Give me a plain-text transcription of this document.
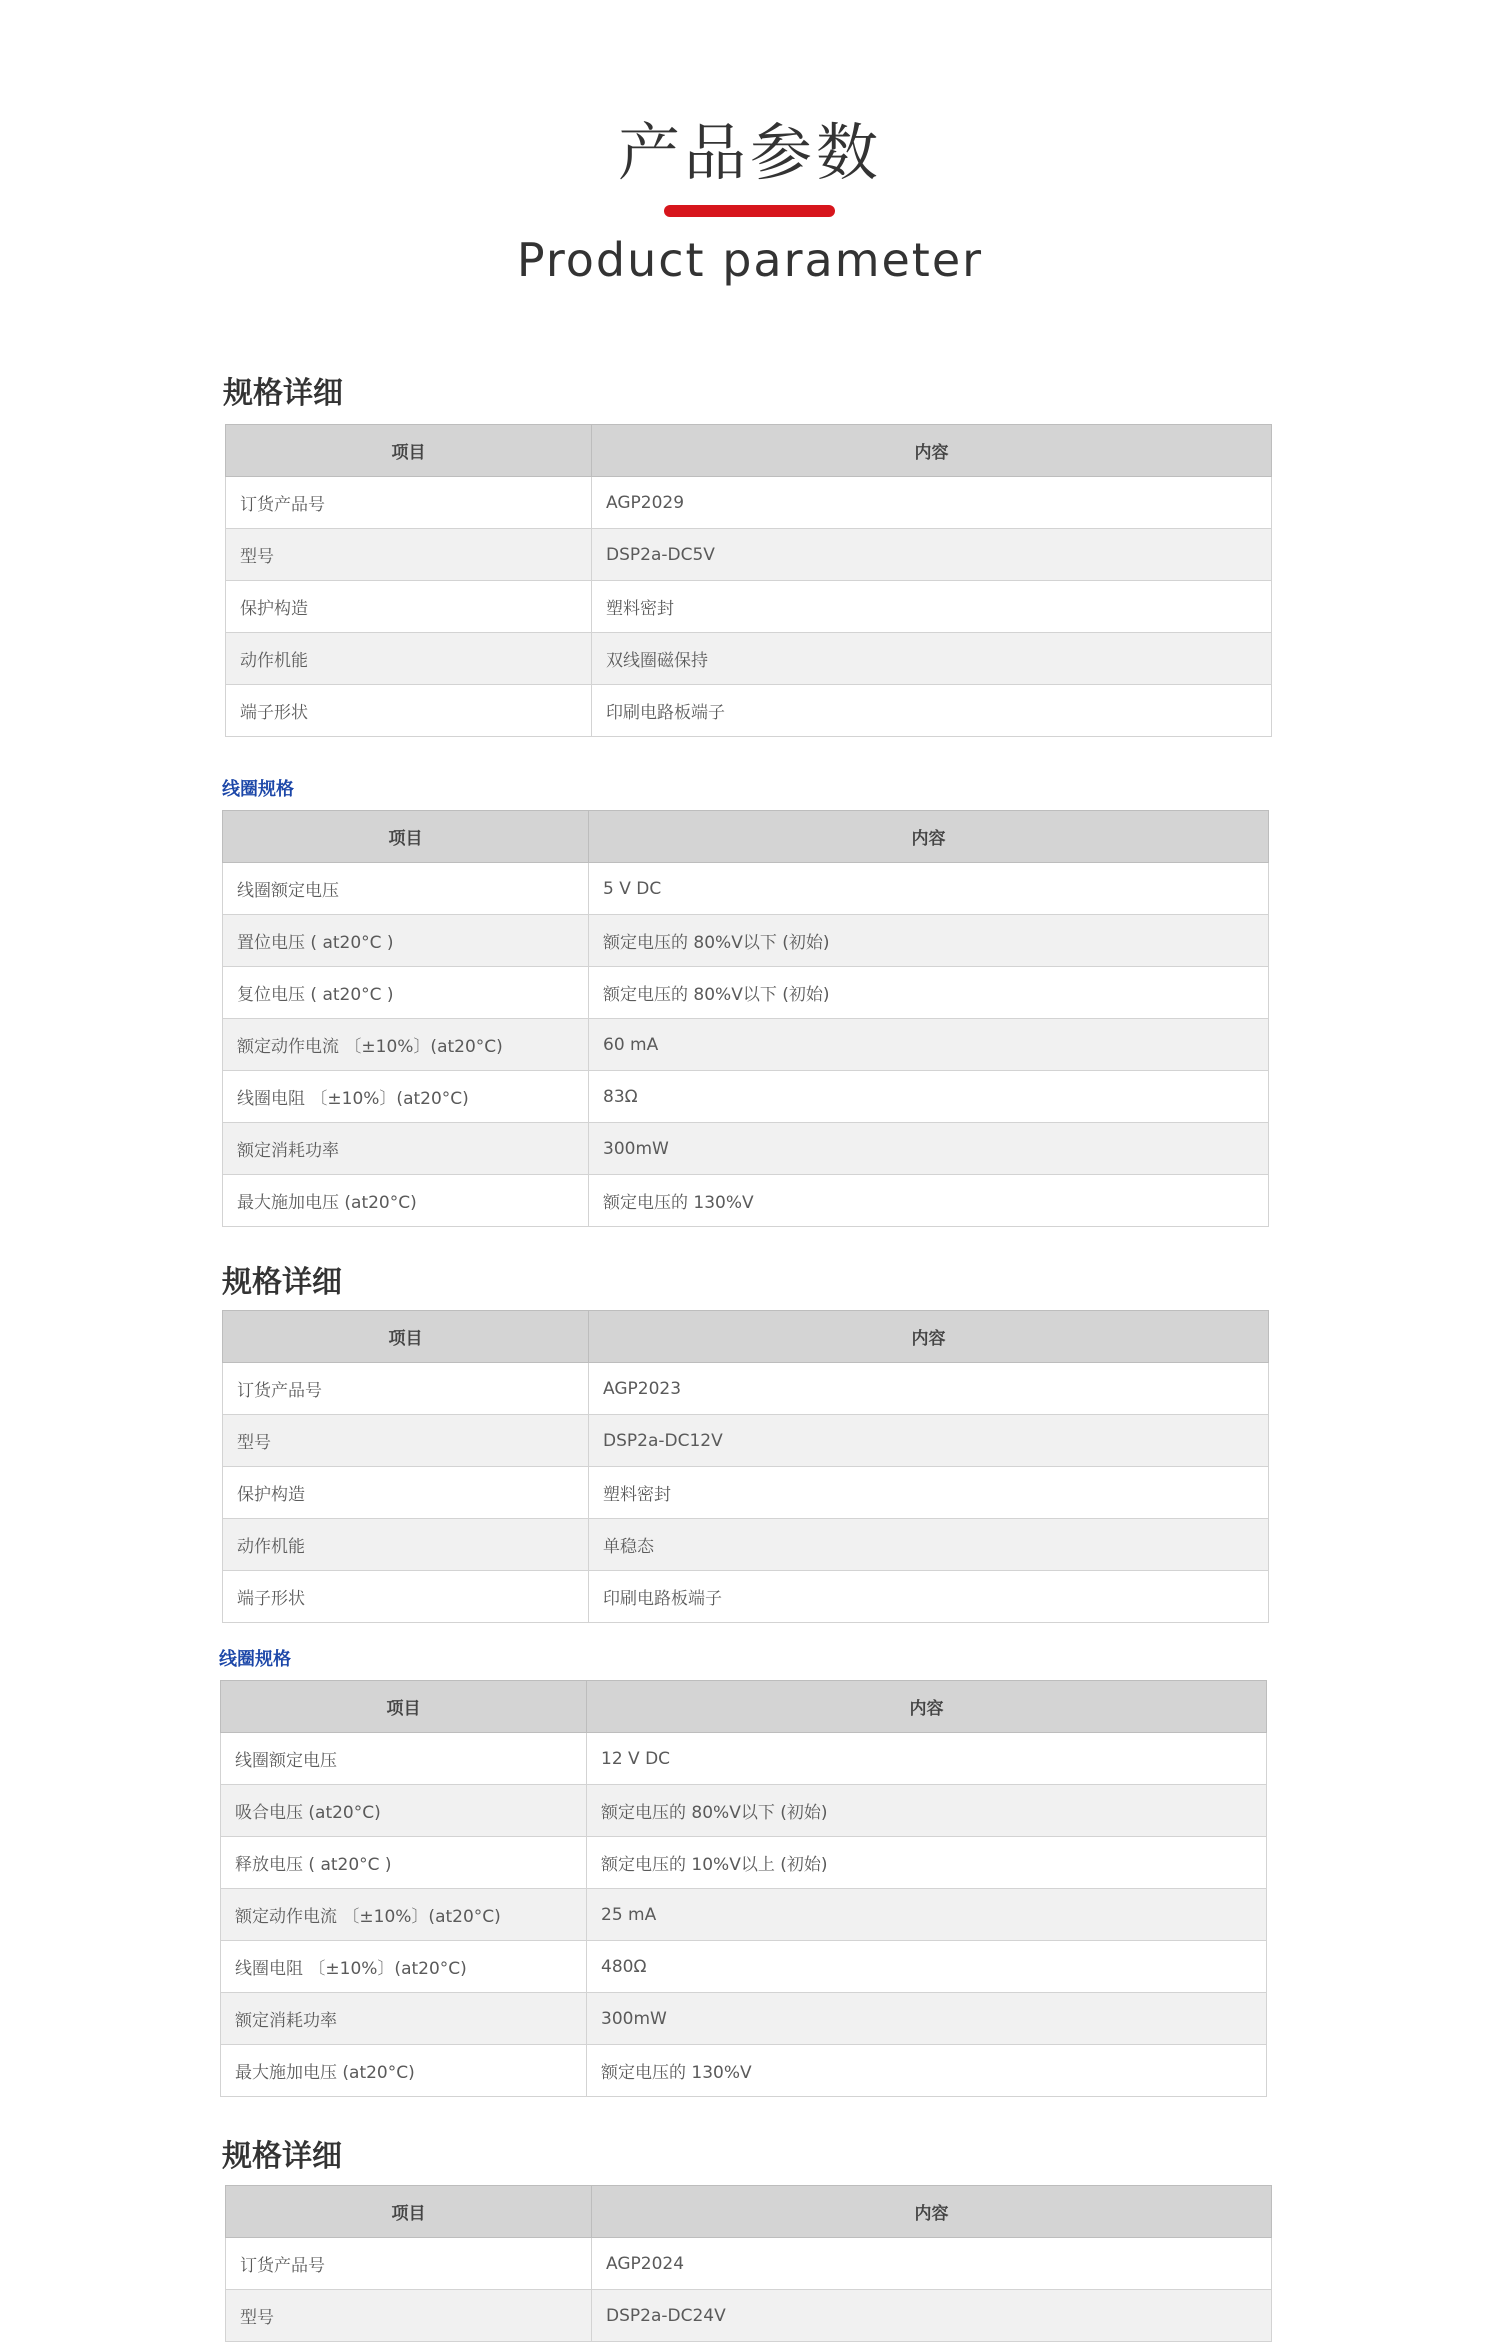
产品参数
Product parameter
规格详细
项目	内容
订货产品号	AGP2029
型号	DSP2a-DC5V
保护构造	塑料密封
动作机能	双线圈磁保持
端子形状	印刷电路板端子
线圈规格
项目	内容
线圈额定电压	5 V DC
置位电压 ( at20°C )	额定电压的 80%V以下 (初始)
复位电压 ( at20°C )	额定电压的 80%V以下 (初始)
额定动作电流 〔±10%〕(at20°C)	60 mA
线圈电阻 〔±10%〕(at20°C)	83Ω
额定消耗功率	300mW
最大施加电压 (at20°C)	额定电压的 130%V
规格详细
项目	内容
订货产品号	AGP2023
型号	DSP2a-DC12V
保护构造	塑料密封
动作机能	单稳态
端子形状	印刷电路板端子
线圈规格
项目	内容
线圈额定电压	12 V DC
吸合电压 (at20°C)	额定电压的 80%V以下 (初始)
释放电压 ( at20°C )	额定电压的 10%V以上 (初始)
额定动作电流 〔±10%〕(at20°C)	25 mA
线圈电阻 〔±10%〕(at20°C)	480Ω
额定消耗功率	300mW
最大施加电压 (at20°C)	额定电压的 130%V
规格详细
项目	内容
订货产品号	AGP2024
型号	DSP2a-DC24V
